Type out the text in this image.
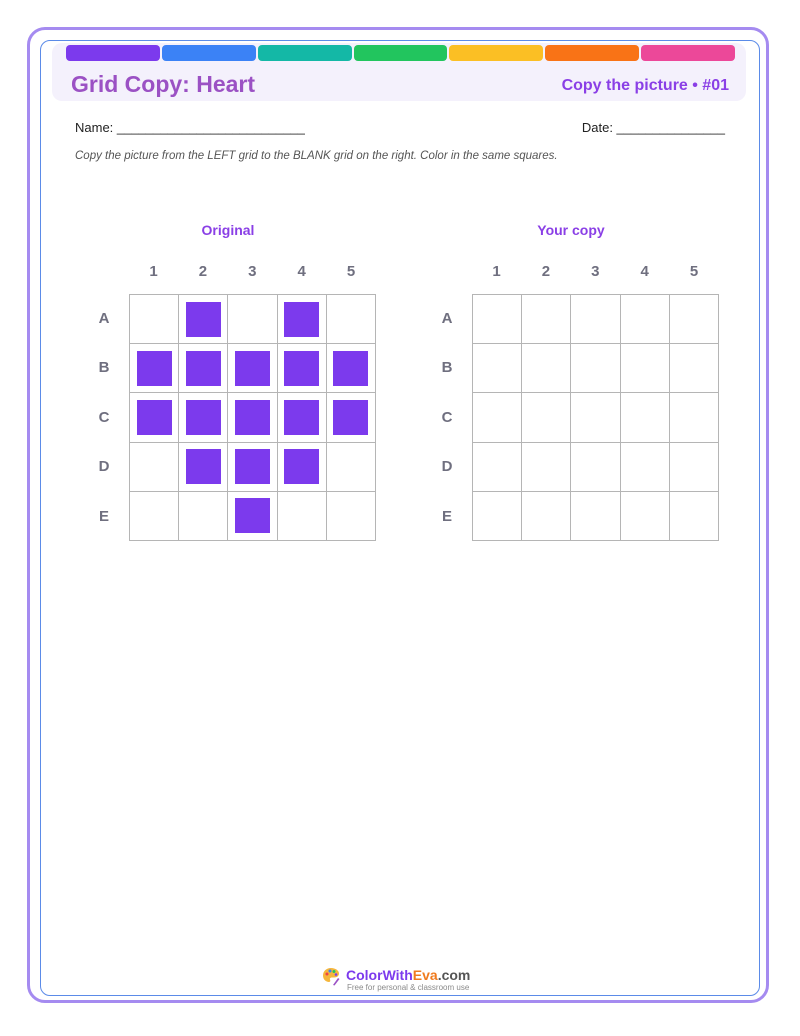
Grid Copy: Heart	Copy the picture • #01
Name: __________________________	Date: _______________
Copy the picture from the LEFT grid to the BLANK grid on the right. Color in the same squares.
Original	Your copy
1	2	3	4	5
A
B
C
D
E
1	2	3	4	5
A
B
C
D
E
ColorWithEva.com
Free for personal & classroom use
